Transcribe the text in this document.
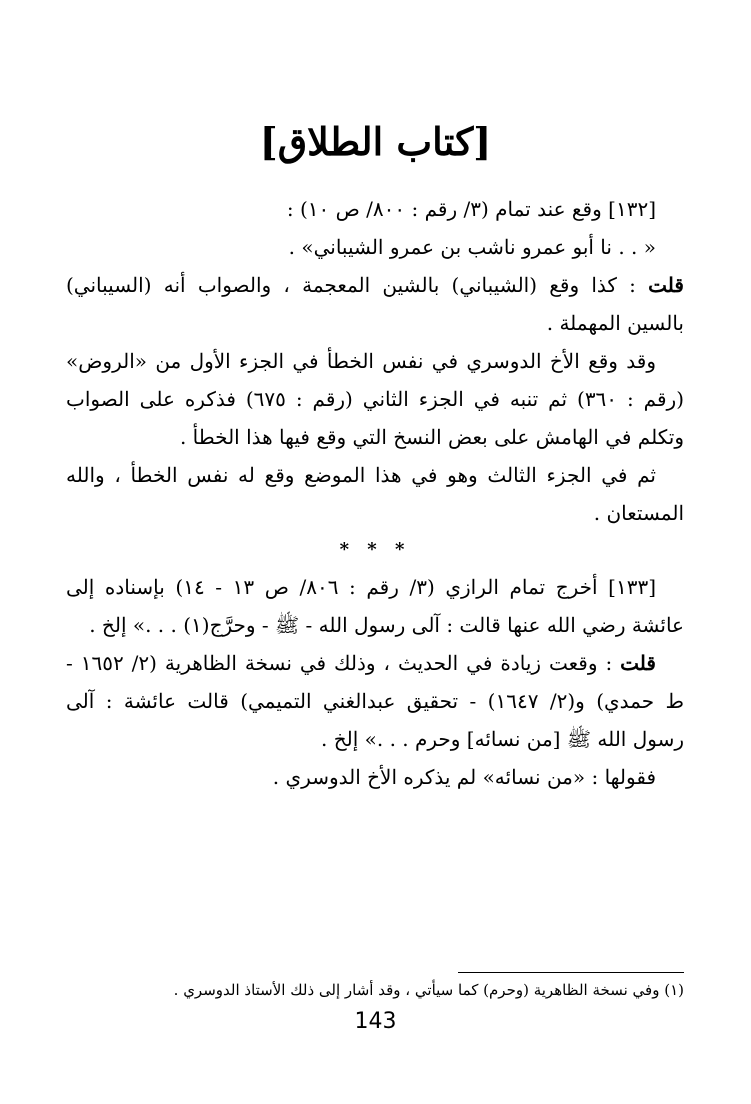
[كتاب الطلاق]

[١٣٢] وقع عند تمام (٣/ رقم : ٨٠٠/ ص ١٠) :

« . . نا أبو عمرو ناشب بن عمرو الشيباني» .

قلت : كذا وقع (الشيباني) بالشين المعجمة ، والصواب أنه (السيباني) بالسين المهملة .

وقد وقع الأخ الدوسري في نفس الخطأ في الجزء الأول من «الروض» (رقم : ٣٦٠) ثم تنبه في الجزء الثاني (رقم : ٦٧٥) فذكره على الصواب وتكلم في الهامش على بعض النسخ التي وقع فيها هذا الخطأ .

ثم في الجزء الثالث وهو في هذا الموضع وقع له نفس الخطأ ، والله المستعان .

* * *

[١٣٣] أخرج تمام الرازي (٣/ رقم : ٨٠٦/ ص ١٣ - ١٤) بإسناده إلى عائشة رضي الله عنها قالت : آلى رسول الله - ﷺ - وحرَّج(١) . . .» إلخ .

قلت : وقعت زيادة في الحديث ، وذلك في نسخة الظاهرية (٢/ ١٦٥٢ - ط حمدي) و(٢/ ١٦٤٧) - تحقيق عبدالغني التميمي) قالت عائشة : آلى رسول الله ﷺ [من نسائه] وحرم . . .» إلخ .

فقولها : «من نسائه» لم يذكره الأخ الدوسري .

(١) وفي نسخة الظاهرية (وحرم) كما سيأتي ، وقد أشار إلى ذلك الأستاذ الدوسري .
143
